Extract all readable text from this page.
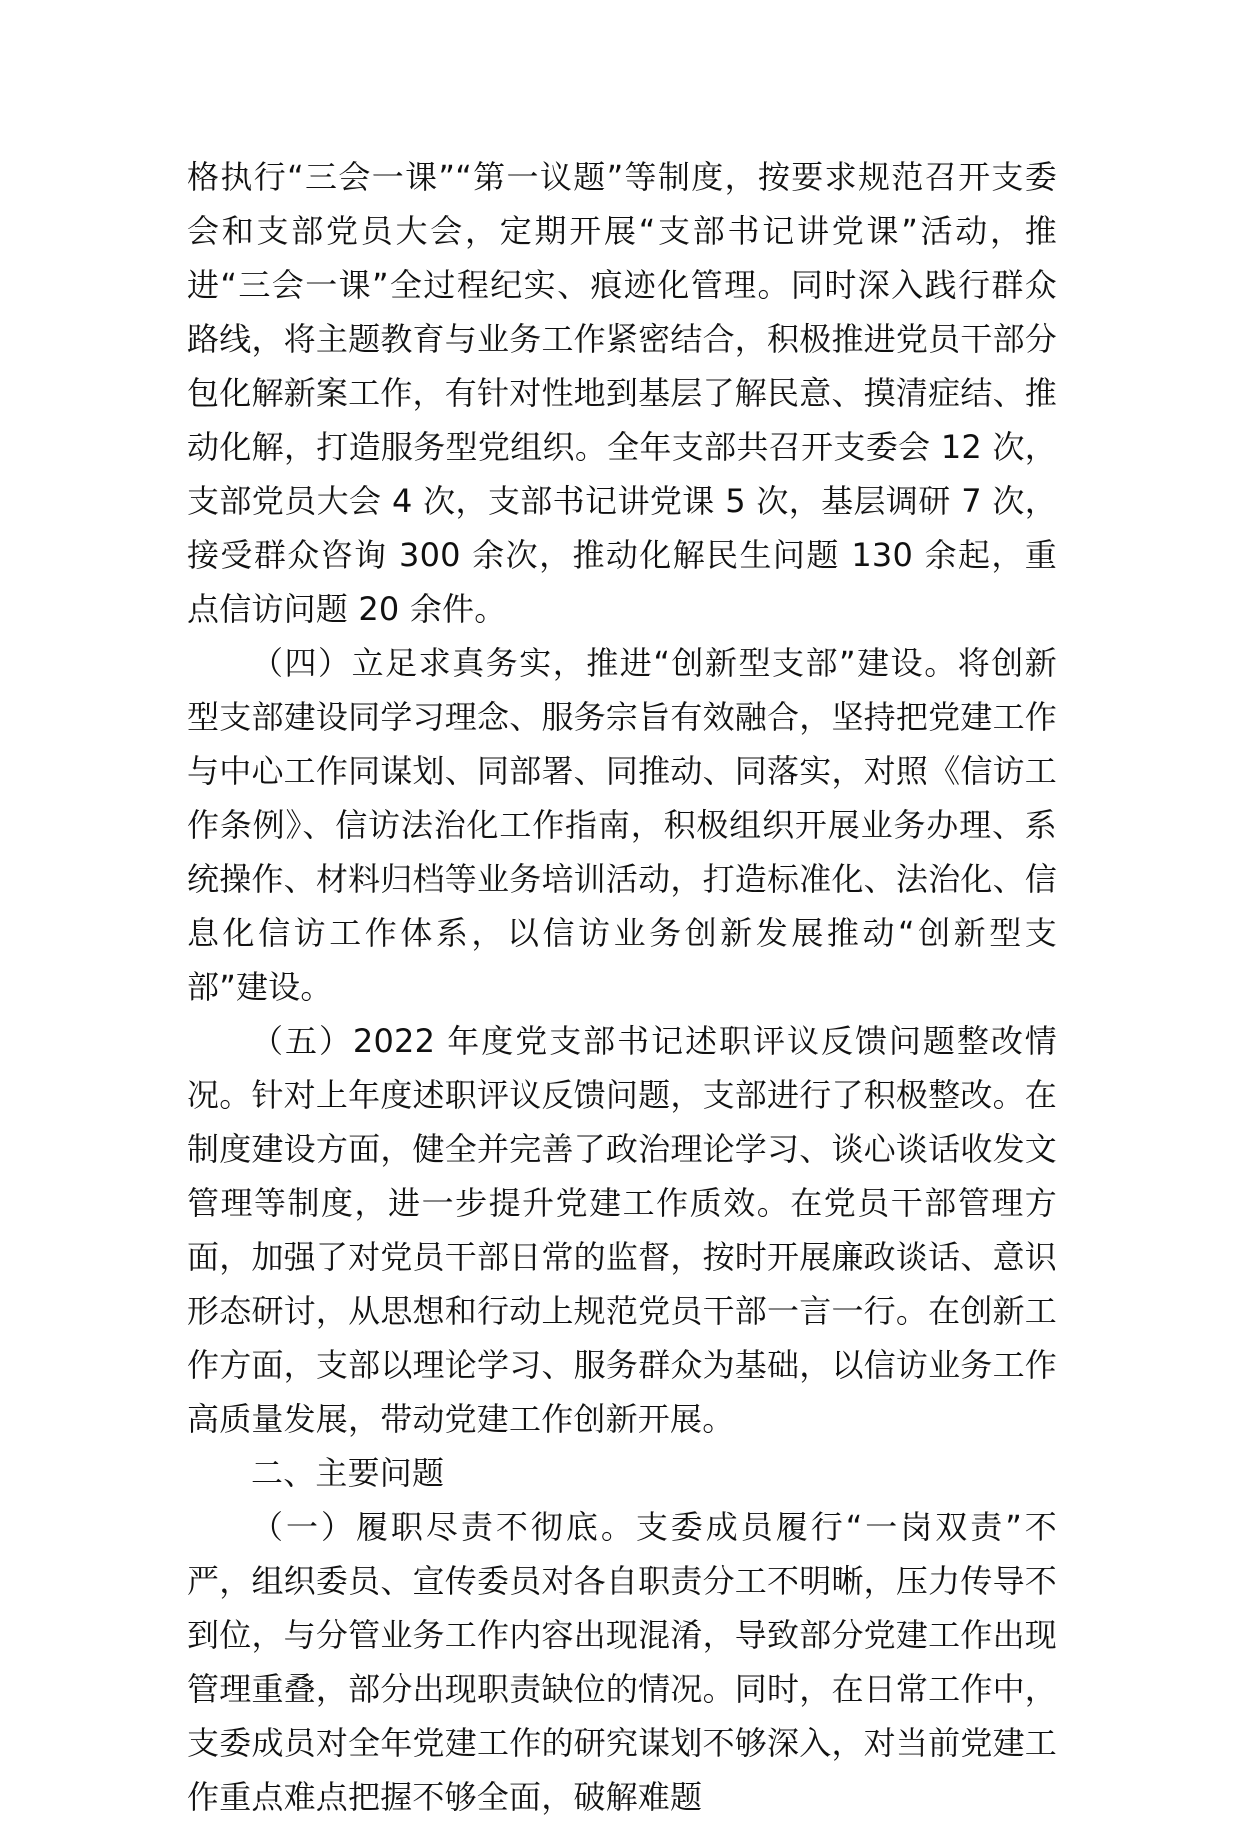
格执行“三会一课”“第一议题”等制度，按要求规范召开支委会和支部党员大会，定期开展“支部书记讲党课”活动，推进“三会一课”全过程纪实、痕迹化管理。同时深入践行群众路线，将主题教育与业务工作紧密结合，积极推进党员干部分包化解新案工作，有针对性地到基层了解民意、摸清症结、推动化解，打造服务型党组织。全年支部共召开支委会 12 次，支部党员大会 4 次，支部书记讲党课 5 次，基层调研 7 次，接受群众咨询 300 余次，推动化解民生问题 130 余起，重点信访问题 20 余件。

（四）立足求真务实，推进“创新型支部”建设。将创新型支部建设同学习理念、服务宗旨有效融合，坚持把党建工作与中心工作同谋划、同部署、同推动、同落实，对照《信访工作条例》、信访法治化工作指南，积极组织开展业务办理、系统操作、材料归档等业务培训活动，打造标准化、法治化、信息化信访工作体系，以信访业务创新发展推动“创新型支部”建设。

（五）2022 年度党支部书记述职评议反馈问题整改情况。针对上年度述职评议反馈问题，支部进行了积极整改。在制度建设方面，健全并完善了政治理论学习、谈心谈话收发文管理等制度，进一步提升党建工作质效。在党员干部管理方面，加强了对党员干部日常的监督，按时开展廉政谈话、意识形态研讨，从思想和行动上规范党员干部一言一行。在创新工作方面，支部以理论学习、服务群众为基础，以信访业务工作高质量发展，带动党建工作创新开展。

二、主要问题

（一）履职尽责不彻底。支委成员履行“一岗双责”不严，组织委员、宣传委员对各自职责分工不明晰，压力传导不到位，与分管业务工作内容出现混淆，导致部分党建工作出现管理重叠，部分出现职责缺位的情况。同时，在日常工作中，支委成员对全年党建工作的研究谋划不够深入，对当前党建工作重点难点把握不够全面，破解难题
